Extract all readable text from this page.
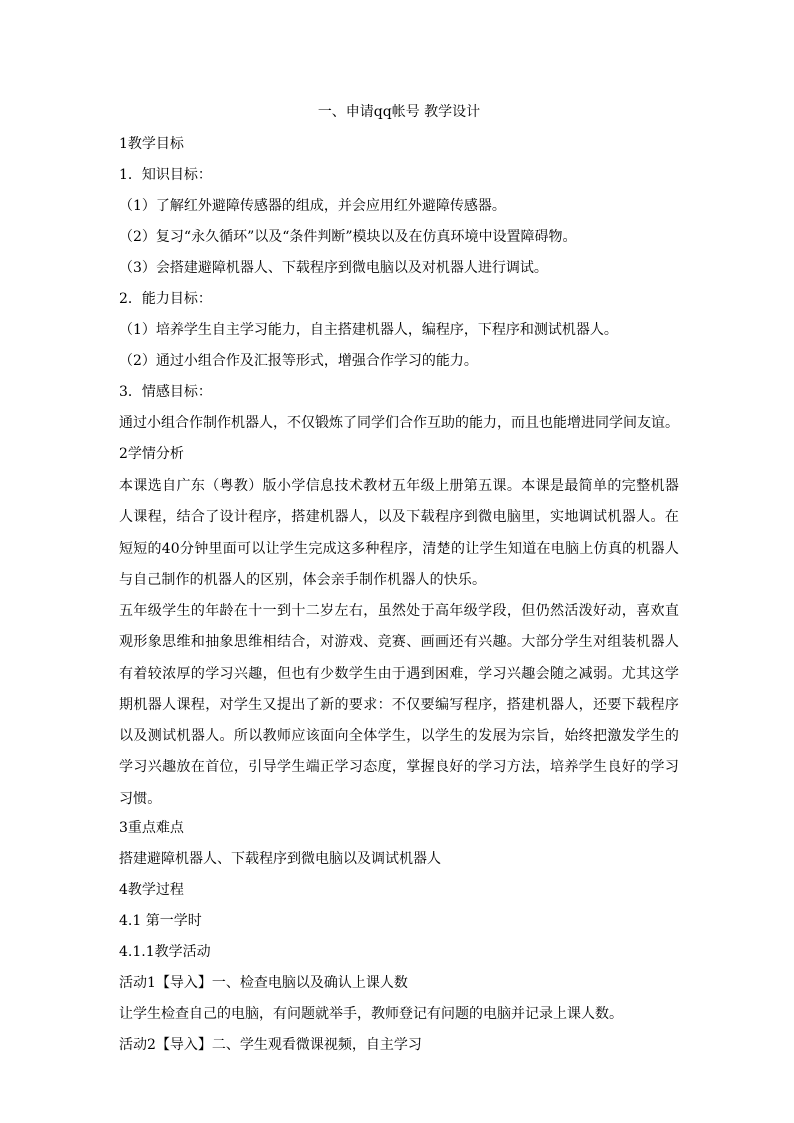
一、申请qq帐号 教学设计
1教学目标
1．知识目标：
（1）了解红外避障传感器的组成，并会应用红外避障传感器。
（2）复习“永久循环”以及“条件判断”模块以及在仿真环境中设置障碍物。
（3）会搭建避障机器人、下载程序到微电脑以及对机器人进行调试。
2．能力目标：
（1）培养学生自主学习能力，自主搭建机器人，编程序，下程序和测试机器人。
（2）通过小组合作及汇报等形式，增强合作学习的能力。
3．情感目标：
通过小组合作制作机器人，不仅锻炼了同学们合作互助的能力，而且也能增进同学间友谊。
2学情分析
本课选自广东（粤教）版小学信息技术教材五年级上册第五课。本课是最简单的完整机器人课程，结合了设计程序，搭建机器人，以及下载程序到微电脑里，实地调试机器人。在短短的40分钟里面可以让学生完成这多种程序，清楚的让学生知道在电脑上仿真的机器人与自己制作的机器人的区别，体会亲手制作机器人的快乐。
五年级学生的年龄在十一到十二岁左右，虽然处于高年级学段，但仍然活泼好动，喜欢直观形象思维和抽象思维相结合，对游戏、竞赛、画画还有兴趣。大部分学生对组装机器人有着较浓厚的学习兴趣，但也有少数学生由于遇到困难，学习兴趣会随之减弱。尤其这学期机器人课程，对学生又提出了新的要求：不仅要编写程序，搭建机器人，还要下载程序以及测试机器人。所以教师应该面向全体学生，以学生的发展为宗旨，始终把激发学生的学习兴趣放在首位，引导学生端正学习态度，掌握良好的学习方法，培养学生良好的学习习惯。
3重点难点
搭建避障机器人、下载程序到微电脑以及调试机器人
4教学过程
4.1 第一学时
4.1.1教学活动
活动1【导入】一、检查电脑以及确认上课人数
让学生检查自己的电脑，有问题就举手，教师登记有问题的电脑并记录上课人数。
活动2【导入】二、学生观看微课视频，自主学习
